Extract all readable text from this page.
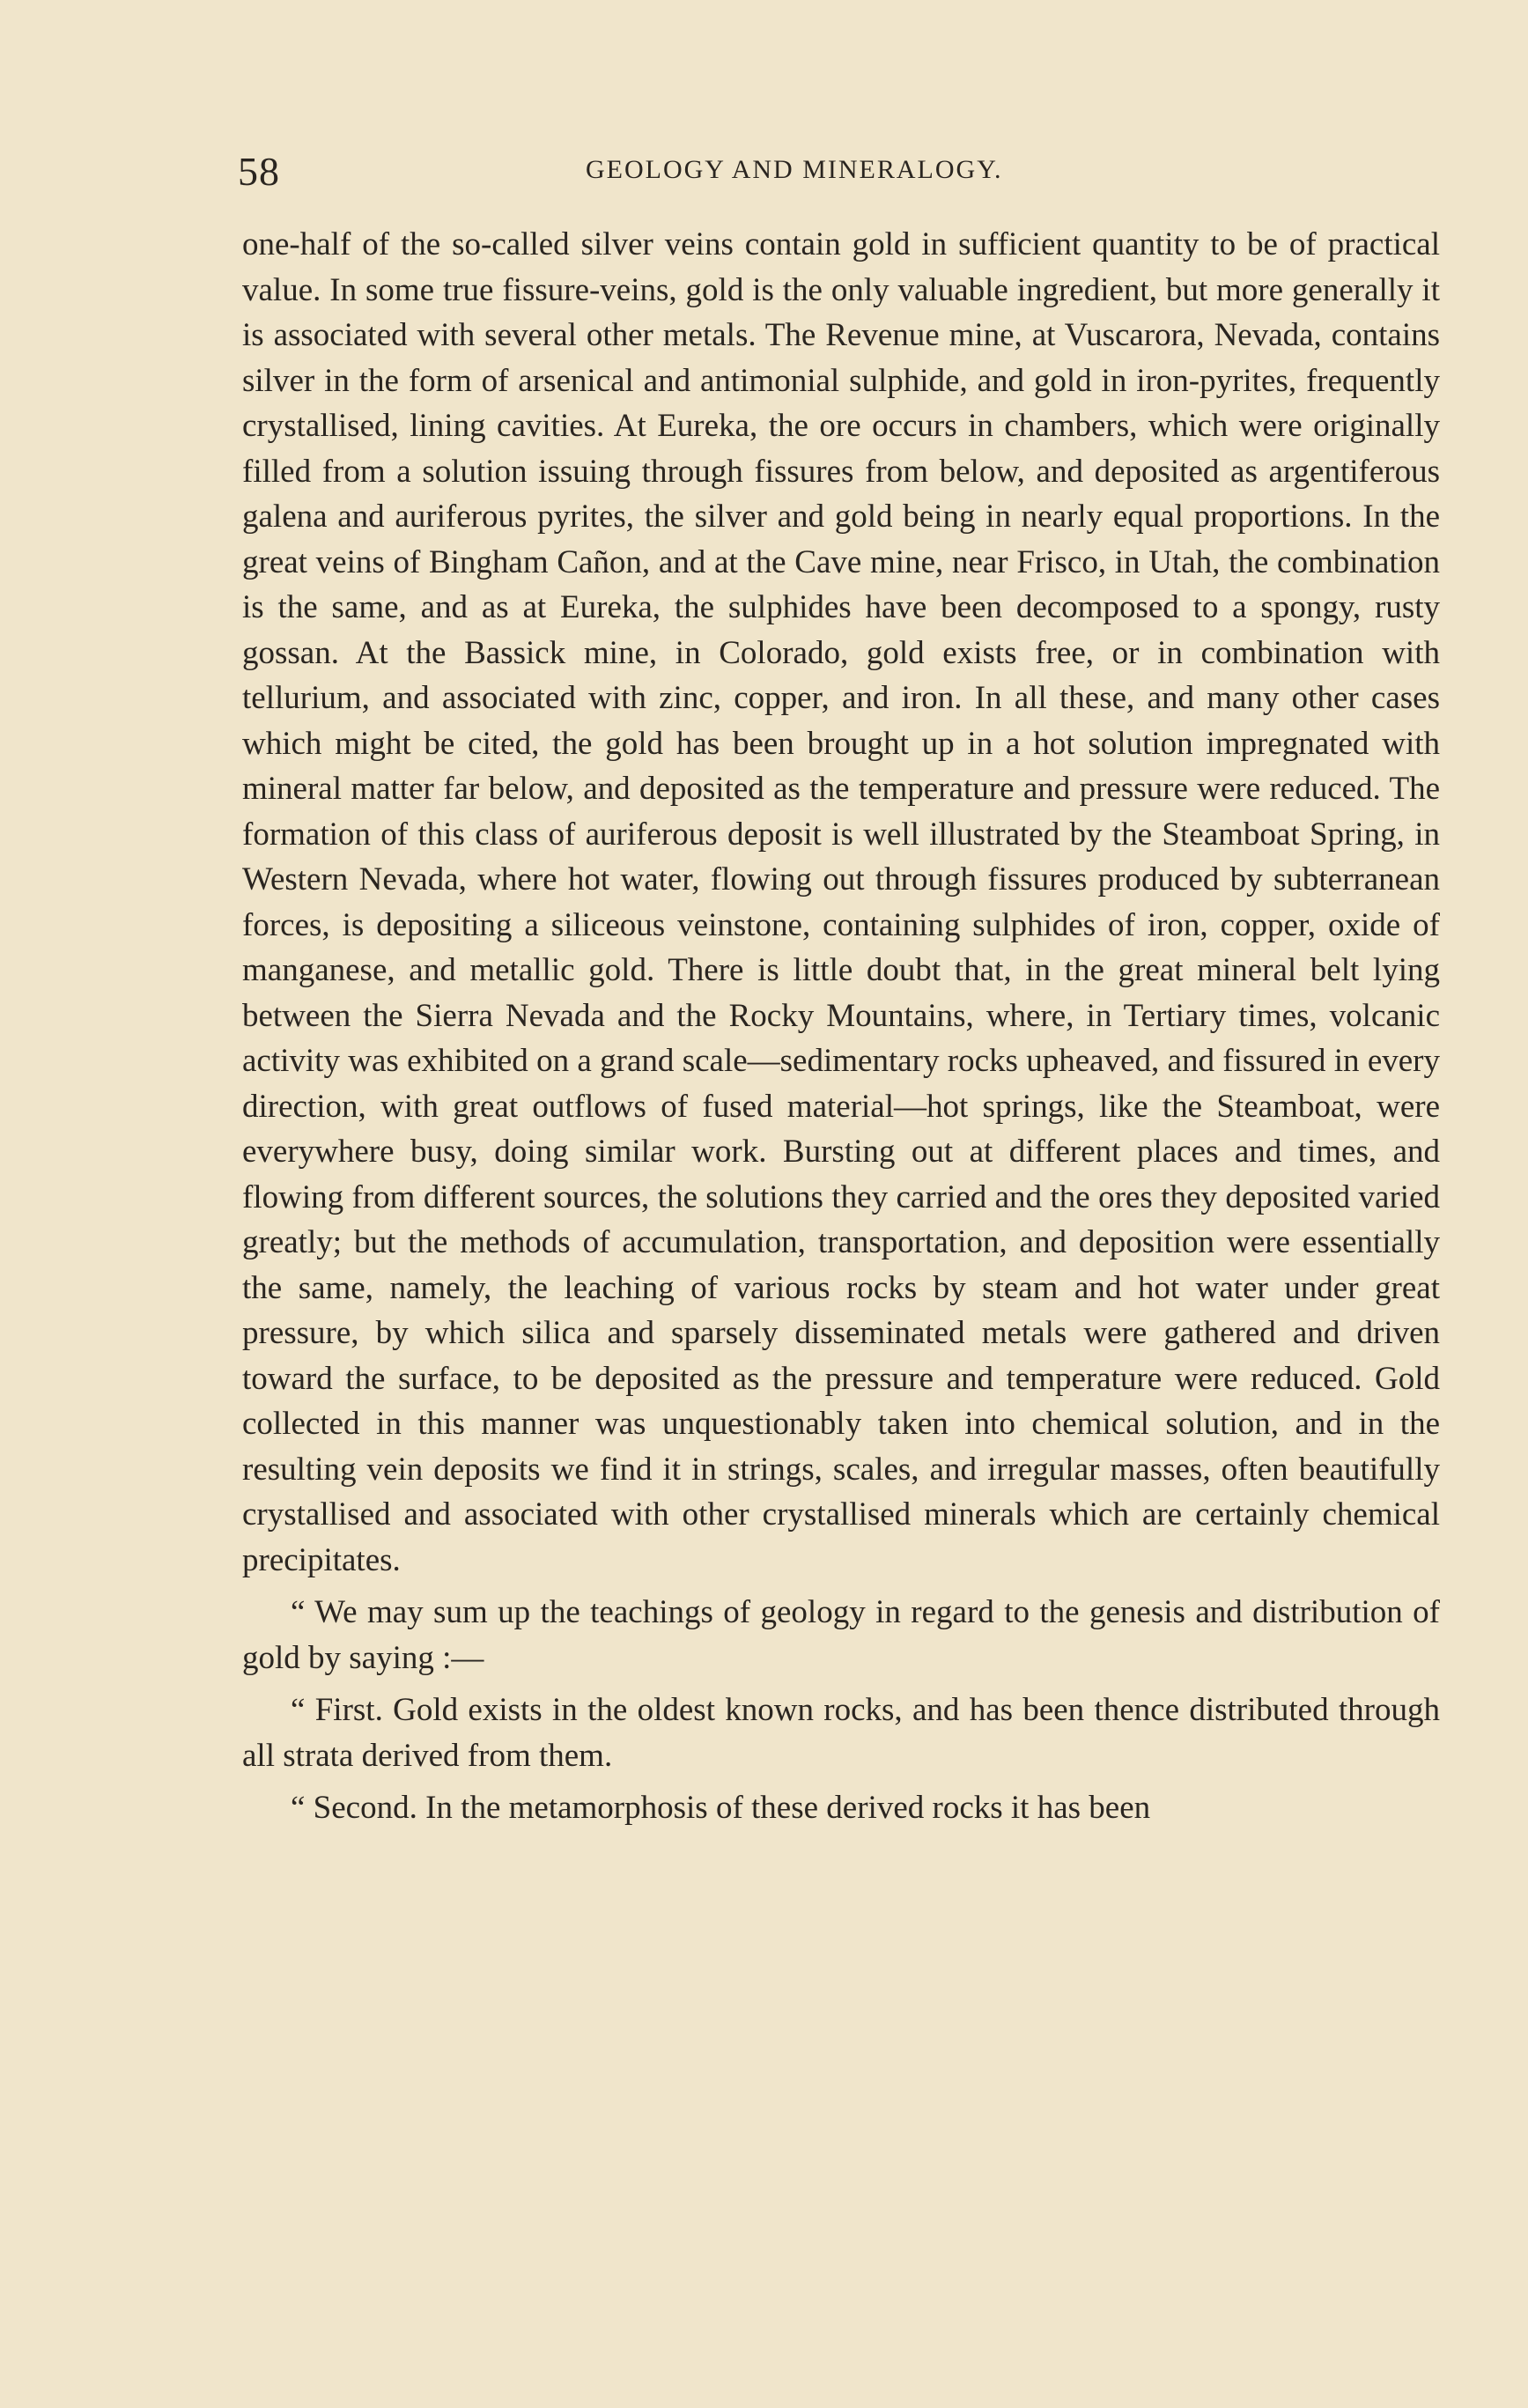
58	GEOLOGY AND MINERALOGY.

one-half of the so-called silver veins contain gold in sufficient quantity to be of practical value. In some true fissure-veins, gold is the only valuable ingredient, but more generally it is associated with several other metals. The Revenue mine, at Vuscarora, Nevada, contains silver in the form of arsenical and antimonial sulphide, and gold in iron-pyrites, frequently crystallised, lining cavities. At Eureka, the ore occurs in chambers, which were originally filled from a solution issuing through fissures from below, and deposited as argentiferous galena and auriferous pyrites, the silver and gold being in nearly equal proportions. In the great veins of Bingham Cañon, and at the Cave mine, near Frisco, in Utah, the combination is the same, and as at Eureka, the sulphides have been decomposed to a spongy, rusty gossan. At the Bassick mine, in Colorado, gold exists free, or in combination with tellurium, and associated with zinc, copper, and iron. In all these, and many other cases which might be cited, the gold has been brought up in a hot solution impregnated with mineral matter far below, and deposited as the temperature and pressure were reduced. The formation of this class of auriferous deposit is well illustrated by the Steamboat Spring, in Western Nevada, where hot water, flowing out through fissures produced by subterranean forces, is depositing a siliceous veinstone, containing sulphides of iron, copper, oxide of manganese, and metallic gold. There is little doubt that, in the great mineral belt lying between the Sierra Nevada and the Rocky Mountains, where, in Tertiary times, volcanic activity was exhibited on a grand scale—sedimentary rocks upheaved, and fissured in every direction, with great outflows of fused material—hot springs, like the Steamboat, were everywhere busy, doing similar work. Bursting out at different places and times, and flowing from different sources, the solutions they carried and the ores they deposited varied greatly; but the methods of accumulation, transportation, and deposition were essentially the same, namely, the leaching of various rocks by steam and hot water under great pressure, by which silica and sparsely disseminated metals were gathered and driven toward the surface, to be deposited as the pressure and temperature were reduced. Gold collected in this manner was unquestionably taken into chemical solution, and in the resulting vein deposits we find it in strings, scales, and irregular masses, often beautifully crystallised and associated with other crystallised minerals which are certainly chemical precipitates.

“ We may sum up the teachings of geology in regard to the genesis and distribution of gold by saying :—

“ First. Gold exists in the oldest known rocks, and has been thence distributed through all strata derived from them.

“ Second. In the metamorphosis of these derived rocks it has been
